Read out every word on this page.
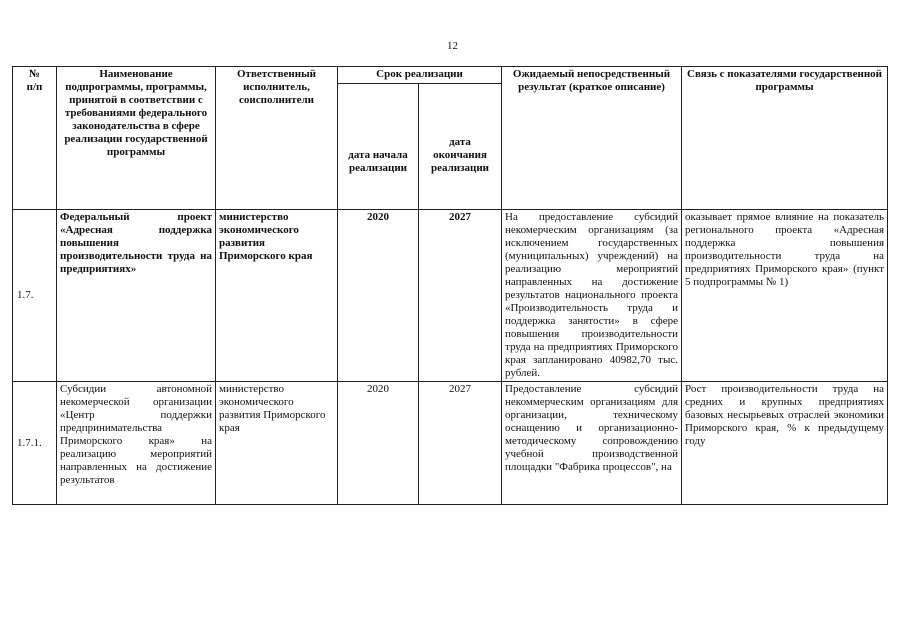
12
№
п/п	Наименование подпрограммы, программы, принятой в соответствии с требованиями федерального законодательства в сфере реализации государственной программы	Ответственный исполнитель, соисполнители	Срок реализации		Ожидаемый непосредственный результат (краткое описание)	Связь с показателями государственной программы
			дата начала реализации	дата окончания реализации		
1.7.	Федеральный проект «Адресная поддержка повышения производительности труда на предприятиях»	министерство экономического развития Приморского края	2020	2027	На предоставление субсидий некомерческим организациям (за исключением государственных (муниципальных) учреждений) на реализацию мероприятий направленных на достижение результатов национального проекта «Производительность труда и поддержка занятости» в сфере повышения производительности труда на предприятиях Приморского края запланировано 40982,70 тыс. рублей.	оказывает прямое влияние на показатель регионального проекта «Адресная поддержка повышения производительности труда на предприятиях Приморского края» (пункт 5 подпрограммы № 1)
1.7.1.	Субсидии автономной некомерческой организации «Центр поддержки предпринимательства Приморского края» на реализацию мероприятий направленных на достижение результатов	министерство экономического развития Приморского края	2020	2027	Предоставление субсидий некоммерческим организациям для организации, техническому оснащению и организационно-методическому сопровождению учебной производственной площадки "Фабрика процессов", на	Рост производительности труда на средних и крупных предприятиях базовых несырьевых отраслей экономики Приморского края, % к предыдущему году
